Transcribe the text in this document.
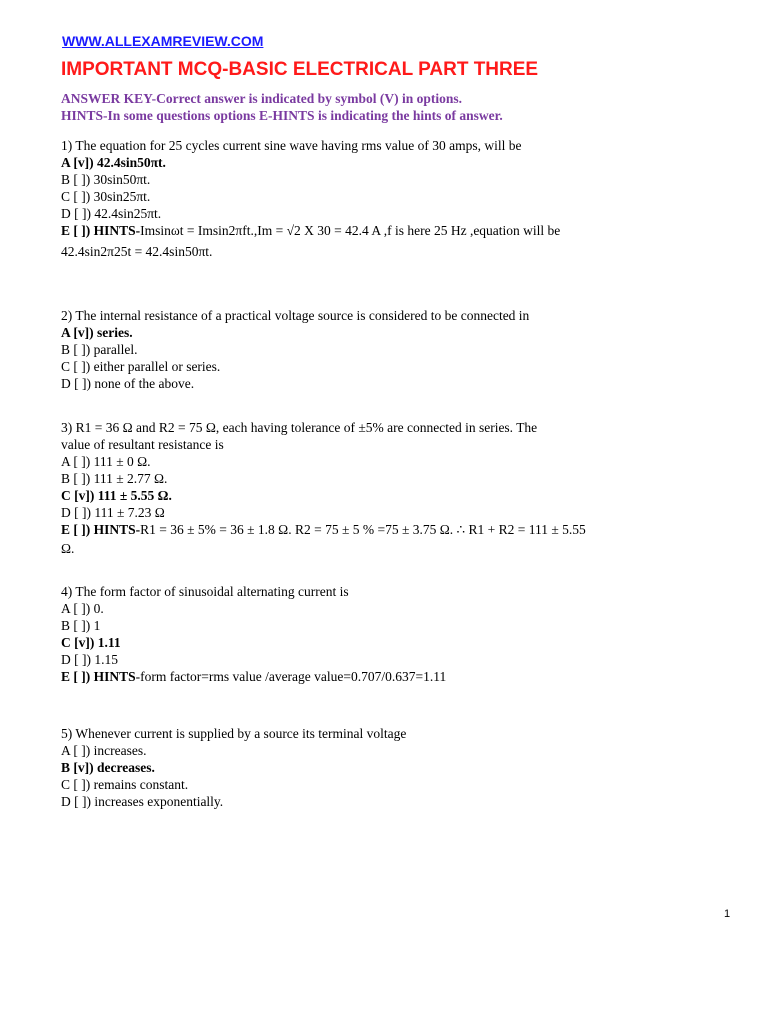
WWW.ALLEXAMREVIEW.COM
IMPORTANT MCQ-BASIC ELECTRICAL PART THREE
ANSWER KEY-Correct answer is indicated by symbol (V) in options.
HINTS-In some questions options E-HINTS is indicating the hints of answer.
1) The equation for 25 cycles current sine wave having rms value of 30 amps, will be
A [v]) 42.4sin50πt.
B [ ]) 30sin50πt.
C [ ]) 30sin25πt.
D [ ]) 42.4sin25πt.
E [ ]) HINTS-Imsinωt = Imsin2πft.,Im = √2 X 30 = 42.4 A ,f is here 25 Hz ,equation will be
42.4sin2π25t = 42.4sin50πt.
2) The internal resistance of a practical voltage source is considered to be connected in
A [v]) series.
B [ ]) parallel.
C [ ]) either parallel or series.
D [ ]) none of the above.
3) R1 = 36 Ω and R2 = 75 Ω, each having tolerance of ±5% are connected in series. The
value of resultant resistance is
A [ ]) 111 ± 0 Ω.
B [ ]) 111 ± 2.77 Ω.
C [v]) 111 ± 5.55 Ω.
D [ ]) 111 ± 7.23 Ω
E [ ]) HINTS-R1 = 36 ± 5% = 36 ± 1.8 Ω. R2 = 75 ± 5 % =75 ± 3.75 Ω. ∴ R1 + R2 = 111 ± 5.55
Ω.
4) The form factor of sinusoidal alternating current is
A [ ]) 0.
B [ ]) 1
C [v]) 1.11
D [ ]) 1.15
E [ ]) HINTS-form factor=rms value /average value=0.707/0.637=1.11
5) Whenever current is supplied by a source its terminal voltage
A [ ]) increases.
B [v]) decreases.
C [ ]) remains constant.
D [ ]) increases exponentially.
1
